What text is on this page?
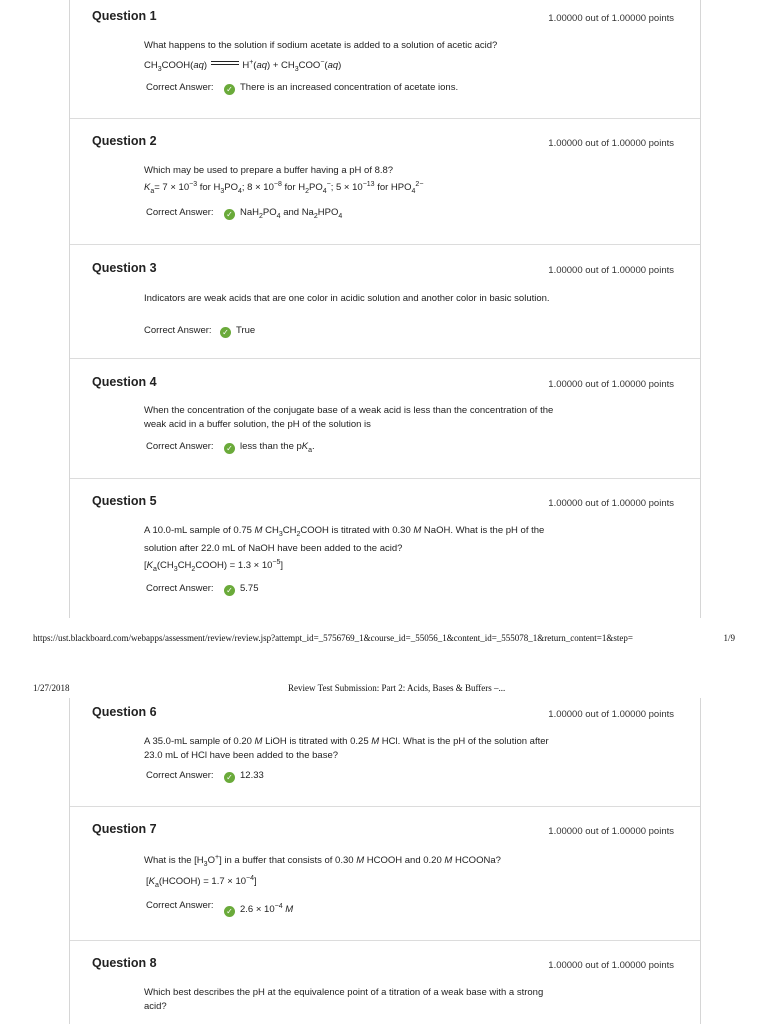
Question 1	1.00000 out of 1.00000 points
What happens to the solution if sodium acetate is added to a solution of acetic acid?
$CH_3COOH(aq)$	$H^+(aq) + CH_3COO^-(aq)$
Correct Answer: ✓ There is an increased concentration of acetate ions.
Question 2	1.00000 out of 1.00000 points
Which may be used to prepare a buffer having a pH of 8.8?
$K_a= 7 \times 10^{-3}$ for $H_3PO_4$; $8 \times 10^{-8}$ for $H_2PO_4^-$; $5 \times 10^{-13}$ for $HPO_4^{2-}$
Correct Answer: ✓ $NaH_2PO_4$ and $Na_2HPO_4$
Question 3	1.00000 out of 1.00000 points
Indicators are weak acids that are one color in acidic solution and another color in basic solution.
Correct Answer: ✓ True
Question 4	1.00000 out of 1.00000 points
When the concentration of the conjugate base of a weak acid is less than the concentration of the weak acid in a buffer solution, the pH of the solution is
Correct Answer: ✓ less than the $pK_a$.
Question 5	1.00000 out of 1.00000 points
A 10.0-mL sample of 0.75 M $CH_3CH_2COOH$ is titrated with 0.30 M NaOH. What is the pH of the solution after 22.0 mL of NaOH have been added to the acid?
$[K_a(CH_3CH_2COOH) = 1.3 \times 10^{-5}]$
Correct Answer: ✓ 5.75
https://ust.blackboard.com/webapps/assessment/review/review.jsp?attempt_id=_5756769_1&course_id=_55056_1&content_id=_555078_1&return_content=1&step=	1/9
1/27/2018	Review Test Submission: Part 2: Acids, Bases & Buffers –...
Question 6	1.00000 out of 1.00000 points
A 35.0-mL sample of 0.20 M LiOH is titrated with 0.25 M HCl. What is the pH of the solution after 23.0 mL of HCl have been added to the base?
Correct Answer: ✓ 12.33
Question 7	1.00000 out of 1.00000 points
What is the $[H_3O^+]$ in a buffer that consists of 0.30 M HCOOH and 0.20 M HCOONa?
$[K_a(HCOOH) = 1.7 \times 10^{-4}]$
Correct Answer:✓ $2.6 \times 10^{-4}$ M
Question 8	1.00000 out of 1.00000 points
Which best describes the pH at the equivalence point of a titration of a weak base with a strong acid?
